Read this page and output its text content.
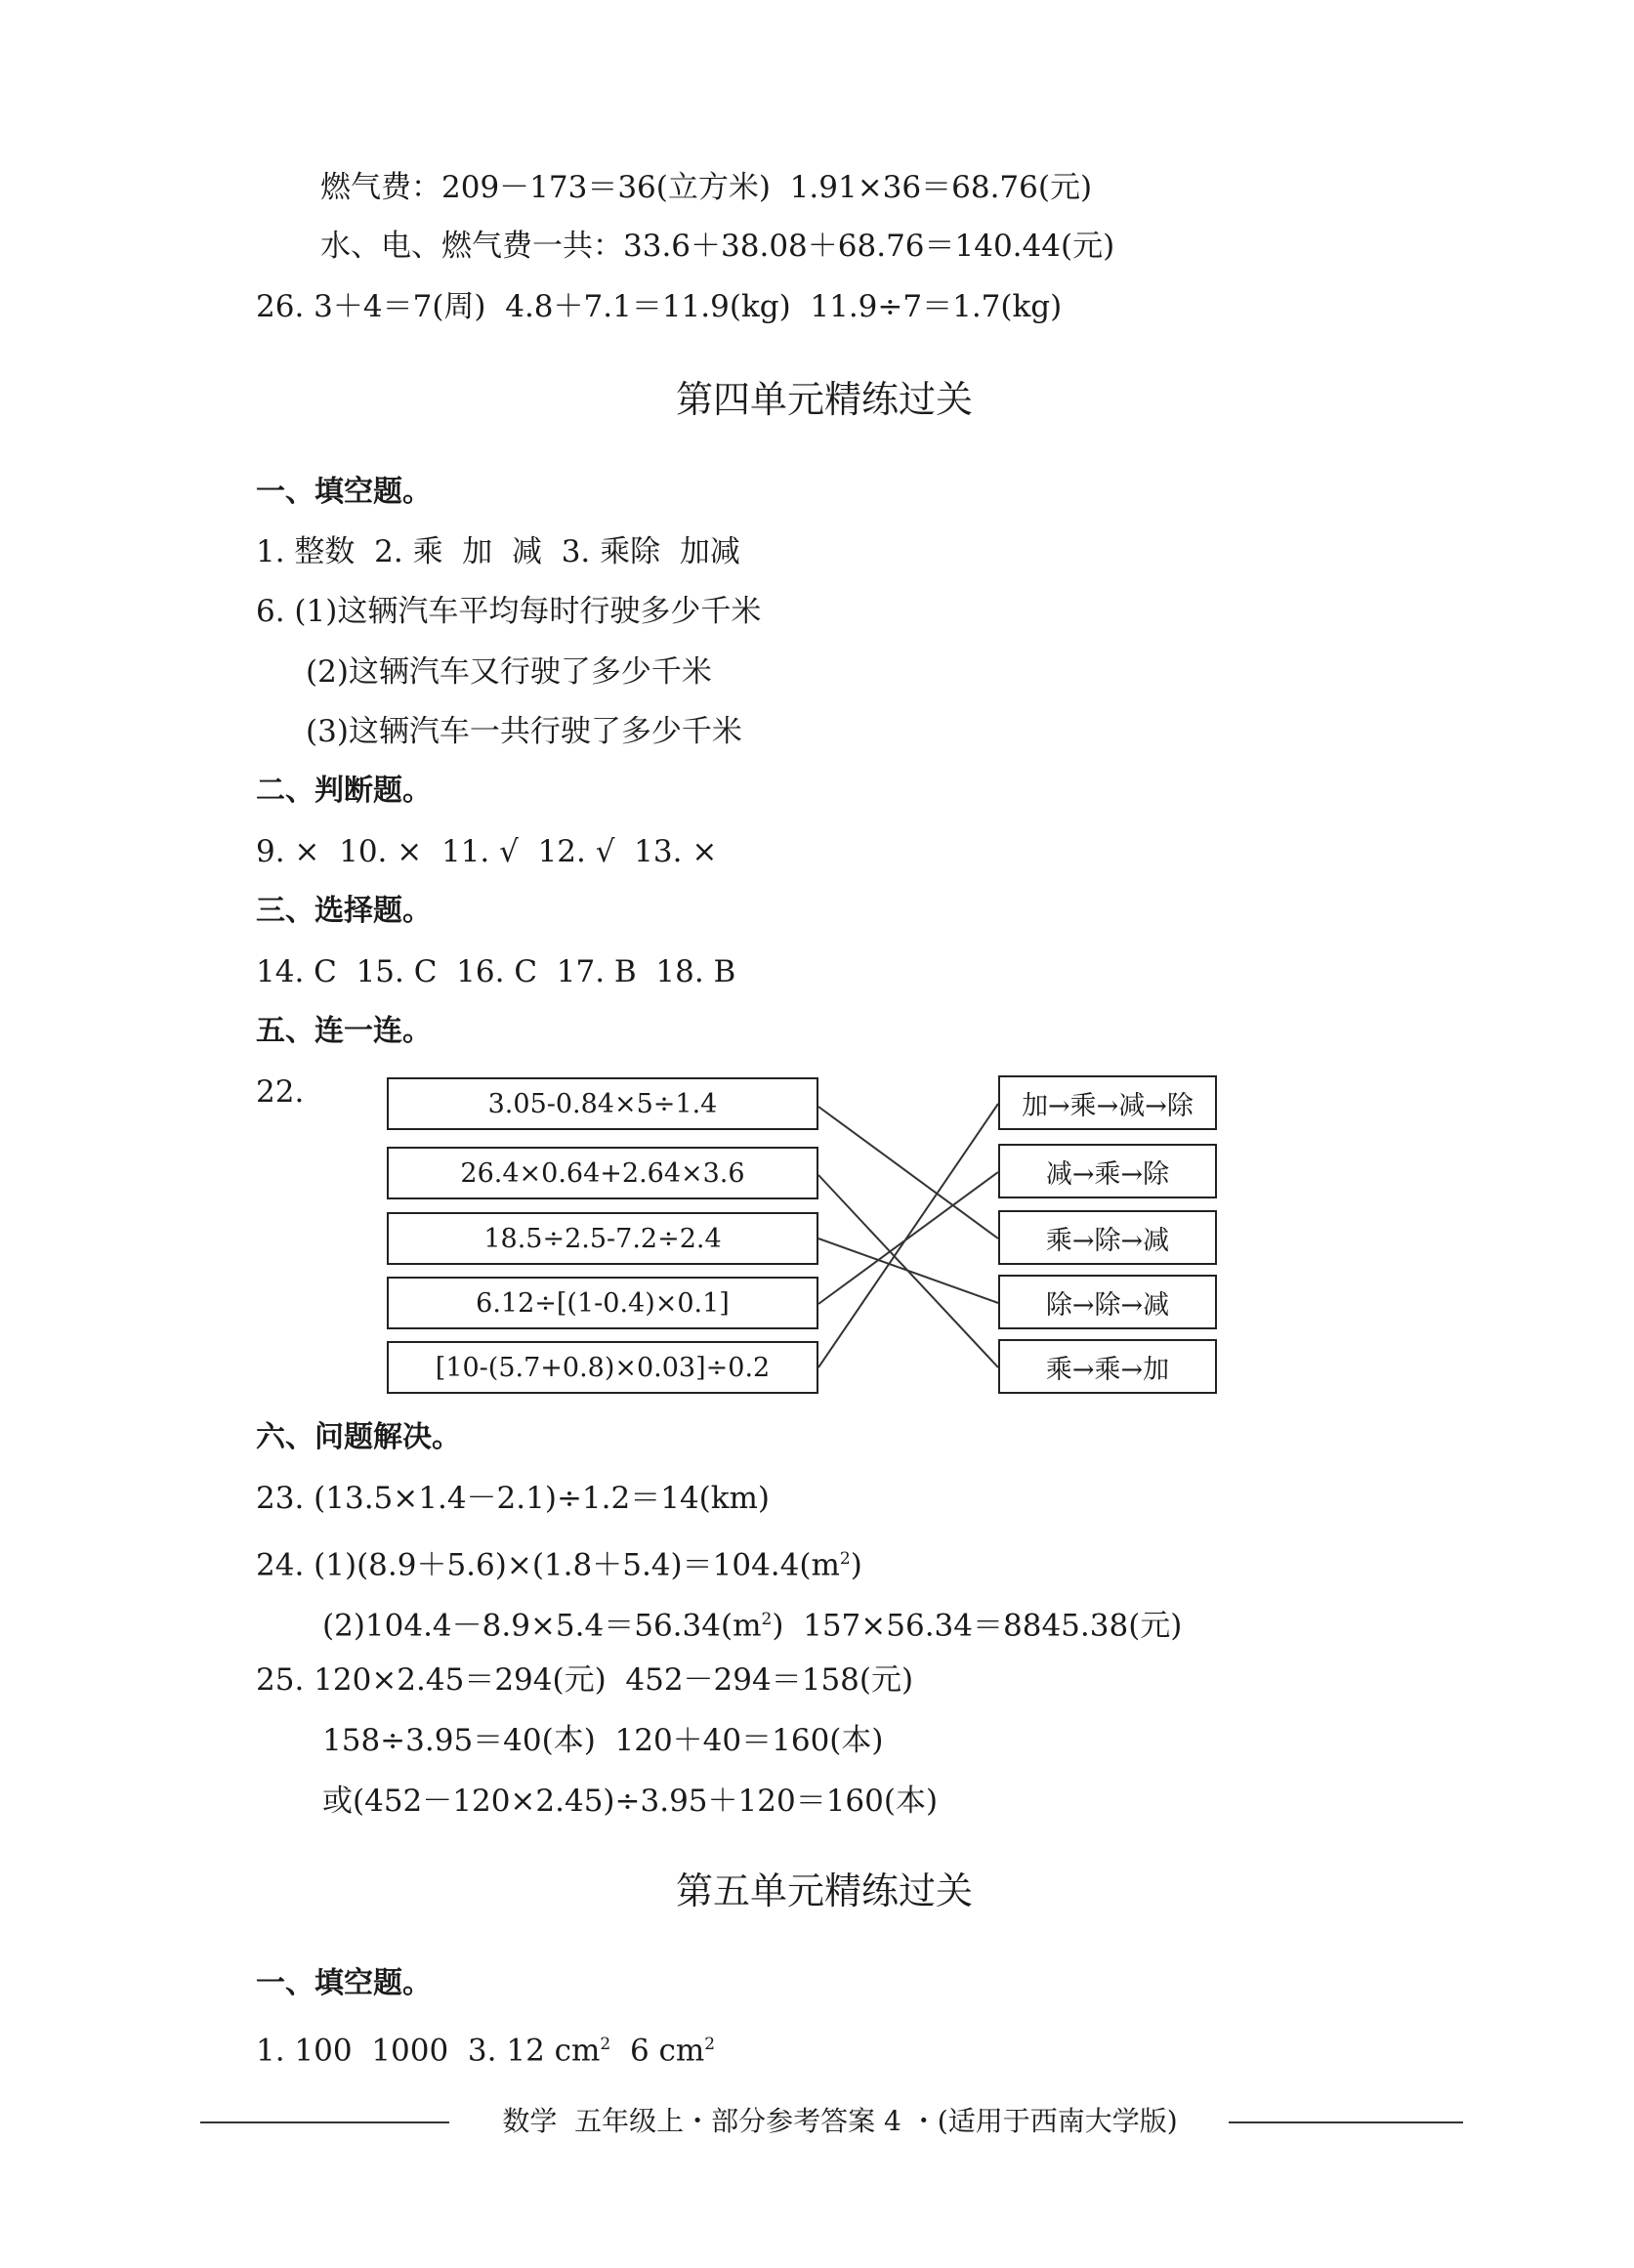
燃气费：209－173＝36(立方米)  1.91×36＝68.76(元)
水、电、燃气费一共：33.6＋38.08＋68.76＝140.44(元)
26. 3＋4＝7(周)  4.8＋7.1＝11.9(kg)  11.9÷7＝1.7(kg)
第四单元精练过关
一、填空题。
1. 整数  2. 乘  加  减  3. 乘除  加减
6. (1)这辆汽车平均每时行驶多少千米
(2)这辆汽车又行驶了多少千米
(3)这辆汽车一共行驶了多少千米
二、判断题。
9. ×  10. ×  11. √  12. √  13. ×
三、选择题。
14. C  15. C  16. C  17. B  18. B
五、连一连。
22.	3.05-0.84×5÷1.4
26.4×0.64+2.64×3.6
18.5÷2.5-7.2÷2.4
6.12÷[(1-0.4)×0.1]
[10-(5.7+0.8)×0.03]÷0.2
加→乘→减→除
减→乘→除
乘→除→减
除→除→减
乘→乘→加
六、问题解决。
23. (13.5×1.4－2.1)÷1.2＝14(km)
24. $(1)(8.9+5.6)\times(1.8+5.4)=104.4(m^2)$
$(2)104.4-8.9\times 5.4=56.34(m^2)$  157×56.34＝8845.38(元)
25. 120×2.45＝294(元)  452－294＝158(元)
158÷3.95＝40(本)  120＋40＝160(本)
或(452－120×2.45)÷3.95＋120＝160(本)
第五单元精练过关
一、填空题。
1. 100  1000  3. 12 $cm^2$  6 $cm^2$
数学  五年级上・部分参考答案 4 ・(适用于西南大学版)
